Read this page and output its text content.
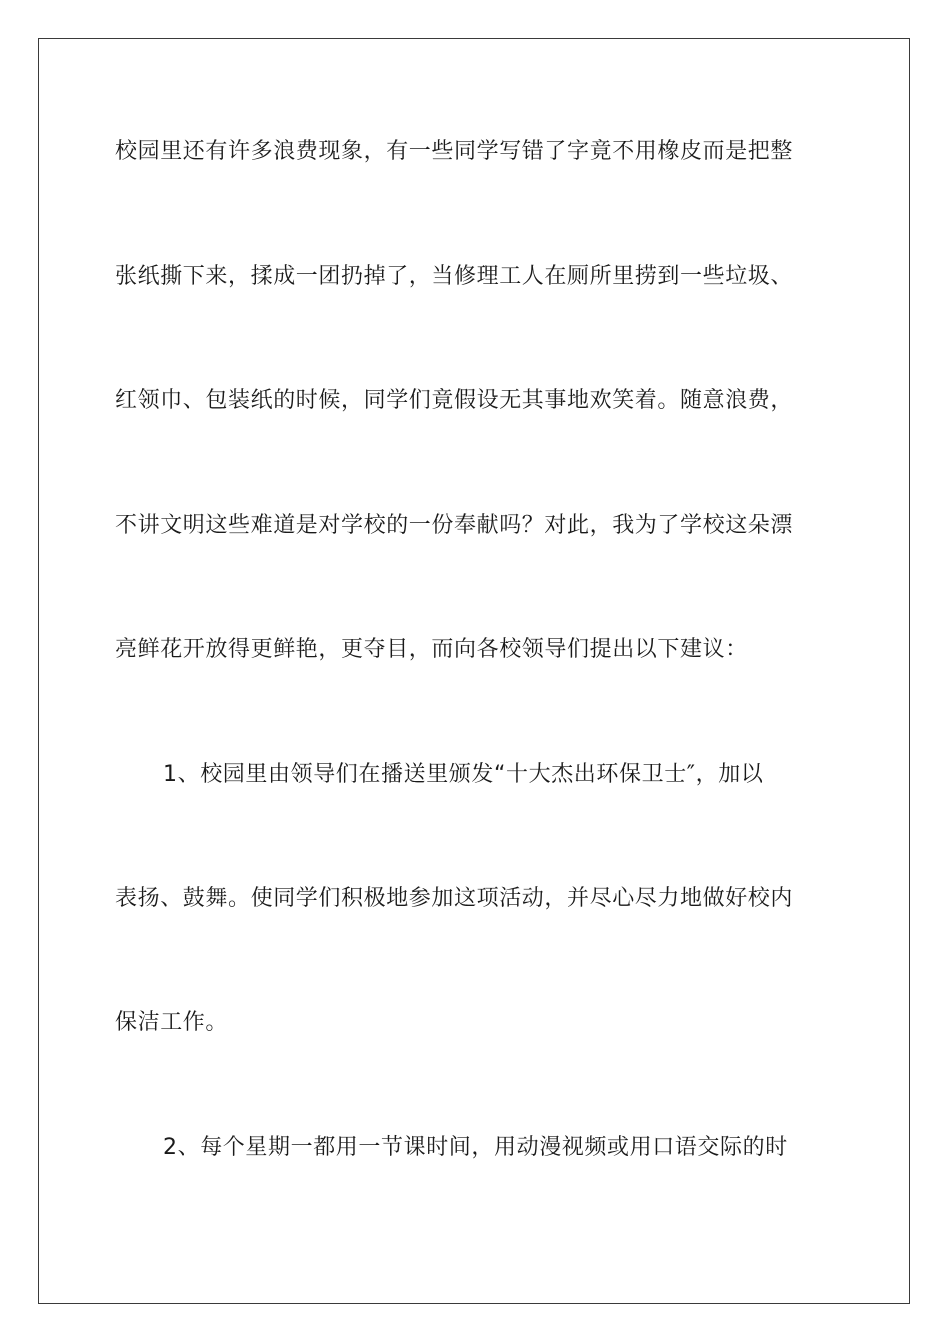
校园里还有许多浪费现象，有一些同学写错了字竟不用橡皮而是把整
张纸撕下来，揉成一团扔掉了，当修理工人在厕所里捞到一些垃圾、
红领巾、包装纸的时候，同学们竟假设无其事地欢笑着。随意浪费，
不讲文明这些难道是对学校的一份奉献吗？对此，我为了学校这朵漂
亮鲜花开放得更鲜艳，更夺目，而向各校领导们提出以下建议：
1、校园里由领导们在播送里颁发“十大杰出环保卫士″，加以
表扬、鼓舞。使同学们积极地参加这项活动，并尽心尽力地做好校内
保洁工作。
2、每个星期一都用一节课时间，用动漫视频或用口语交际的时
